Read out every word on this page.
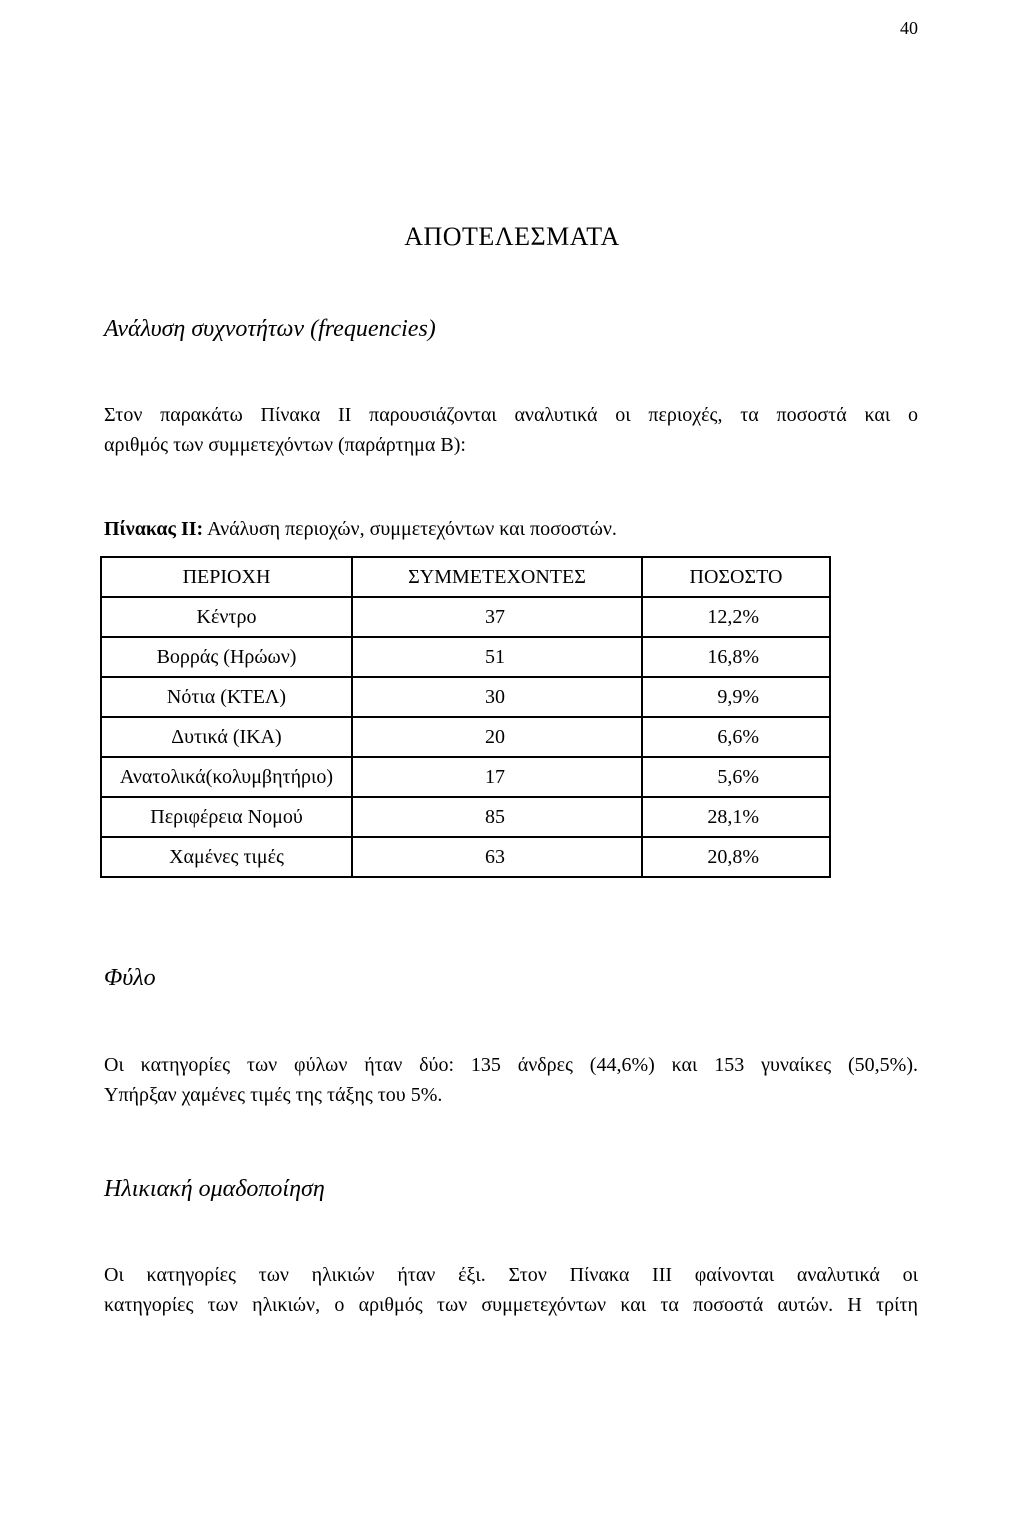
40
ΑΠΟΤΕΛΕΣΜΑΤΑ
Ανάλυση συχνοτήτων (frequencies)
Στον παρακάτω Πίνακα ΙΙ παρουσιάζονται αναλυτικά οι περιοχές, τα ποσοστά και ο
αριθμός των συμμετεχόντων (παράρτημα Β):
Πίνακας ΙΙ: Ανάλυση περιοχών, συμμετεχόντων και ποσοστών.
ΠΕΡΙΟΧΗ	ΣΥΜΜΕΤΕΧΟΝΤΕΣ	ΠΟΣΟΣΤΟ
Κέντρο	37	12,2%
Βορράς (Ηρώων)	51	16,8%
Νότια (ΚΤΕΛ)	30	9,9%
Δυτικά (ΙΚΑ)	20	6,6%
Ανατολικά(κολυμβητήριο)	17	5,6%
Περιφέρεια Νομού	85	28,1%
Χαμένες τιμές	63	20,8%
Φύλο
Οι κατηγορίες των φύλων ήταν δύο: 135 άνδρες (44,6%) και 153 γυναίκες (50,5%).
Υπήρξαν χαμένες τιμές της τάξης του 5%.
Ηλικιακή ομαδοποίηση
Οι κατηγορίες των ηλικιών ήταν έξι. Στον Πίνακα ΙΙΙ φαίνονται αναλυτικά οι
κατηγορίες των ηλικιών, ο αριθμός των συμμετεχόντων και τα ποσοστά αυτών. Η τρίτη
